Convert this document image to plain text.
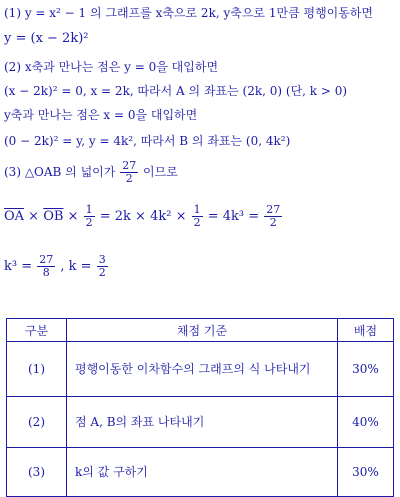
(1) y = x² − 1 의 그래프를 x축으로 2k, y축으로 1만큼 평행이동하면
y = (x − 2k)²
(2) x축과 만나는 점은 y = 0을 대입하면
(x − 2k)² = 0, x = 2k, 따라서 A 의 좌표는 (2k, 0) (단, k > 0)
y축과 만나는 점은 x = 0을 대입하면
(0 − 2k)² = y, y = 4k², 따라서 B 의 좌표는 (0, 4k²)
(3) △OAB 의 넓이가 $\frac{27}{2}$ 이므로
$\overline{OA} \times \overline{OB} \times \frac{1}{2} = 2k \times 4k^2 \times \frac{1}{2} = 4k^3 = \frac{27}{2}$
$k^3 = \frac{27}{8}$ , $k = \frac{3}{2}$
구분	채점 기준	배점
(1)	평행이동한 이차함수의 그래프의 식 나타내기	30%
(2)	점 A, B의 좌표 나타내기	40%
(3)	k의 값 구하기	30%
